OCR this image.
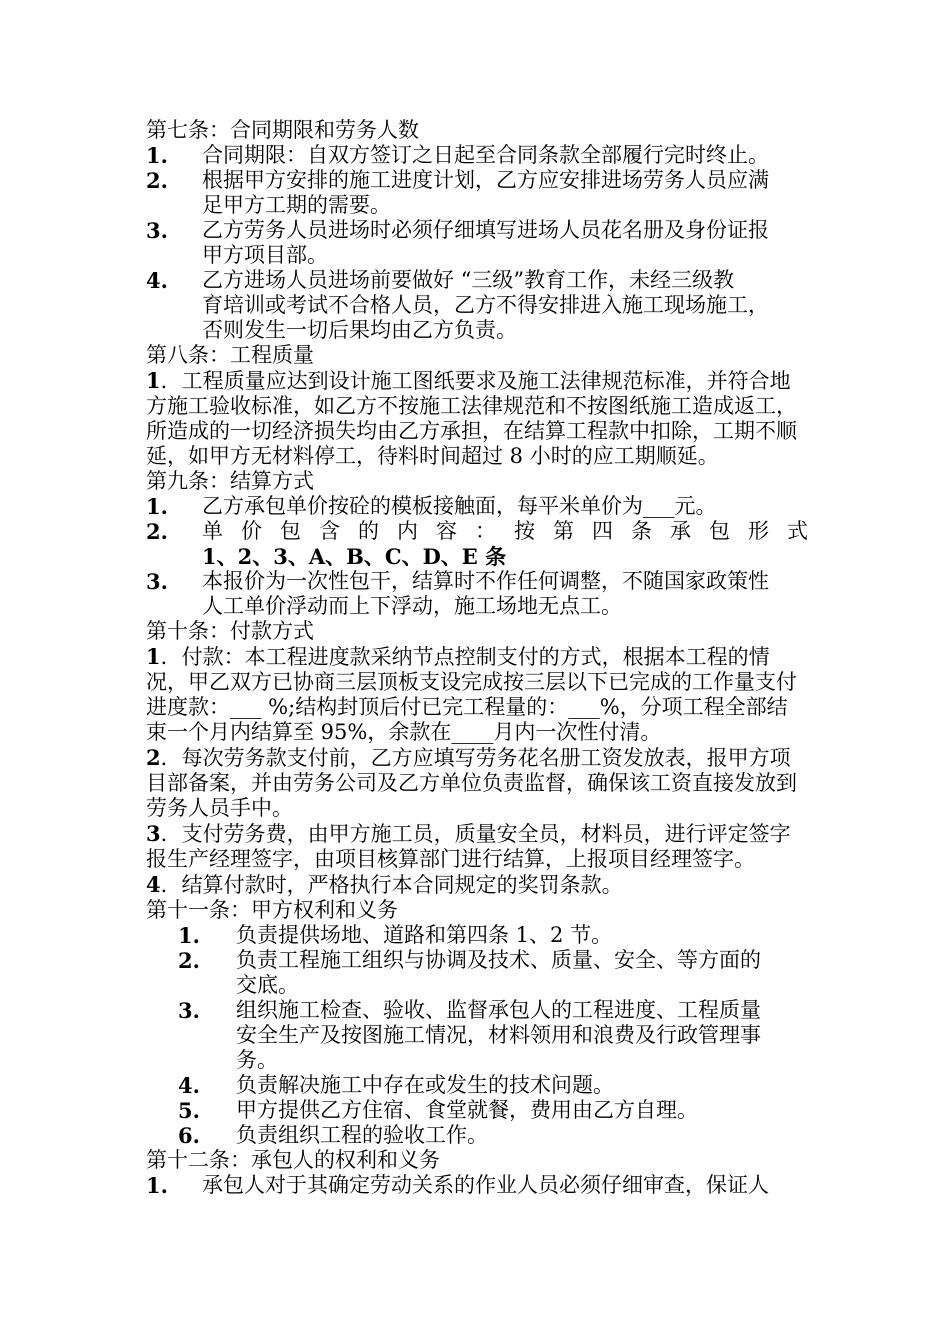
第七条：合同期限和劳务人数
1. 合同期限：自双方签订之日起至合同条款全部履行完时终止。
2. 根据甲方安排的施工进度计划，乙方应安排进场劳务人员应满
足甲方工期的需要。
3. 乙方劳务人员进场时必须仔细填写进场人员花名册及身份证报
甲方项目部。
4. 乙方进场人员进场前要做好 “三级”教育工作，未经三级教
育培训或考试不合格人员，乙方不得安排进入施工现场施工，
否则发生一切后果均由乙方负责。
第八条：工程质量
1．工程质量应达到设计施工图纸要求及施工法律规范标准，并符合地方施工验收标准，如乙方不按施工法律规范和不按图纸施工造成返工，所造成的一切经济损失均由乙方承担，在结算工程款中扣除，工期不顺延，如甲方无材料停工，待料时间超过 8 小时的应工期顺延。
第九条：结算方式
1. 乙方承包单价按砼的模板接触面，每平米单价为___元。
2. 单 价 包 含 的 内 容 ： 按 第 四 条 承 包 形 式
1、2、3、A、B、C、D、E 条
3. 本报价为一次性包干，结算时不作任何调整，不随国家政策性
人工单价浮动而上下浮动，施工场地无点工。
第十条：付款方式
1．付款：本工程进度款采纳节点控制支付的方式，根据本工程的情况，甲乙双方已协商三层顶板支设完成按三层以下已完成的工作量支付进度款：___ %;结构封顶后付已完工程量的：___%，分项工程全部结束一个月内结算至 95%，余款在____月内一次性付清。
2．每次劳务款支付前，乙方应填写劳务花名册工资发放表，报甲方项目部备案，并由劳务公司及乙方单位负责监督，确保该工资直接发放到劳务人员手中。
3．支付劳务费，由甲方施工员，质量安全员，材料员，进行评定签字报生产经理签字，由项目核算部门进行结算，上报项目经理签字。
4．结算付款时，严格执行本合同规定的奖罚条款。
第十一条：甲方权利和义务
1. 负责提供场地、道路和第四条 1、2 节。
2. 负责工程施工组织与协调及技术、质量、安全、等方面的
交底。
3. 组织施工检查、验收、监督承包人的工程进度、工程质量
安全生产及按图施工情况，材料领用和浪费及行政管理事
务。
4. 负责解决施工中存在或发生的技术问题。
5. 甲方提供乙方住宿、食堂就餐，费用由乙方自理。
6. 负责组织工程的验收工作。
第十二条：承包人的权利和义务
1. 承包人对于其确定劳动关系的作业人员必须仔细审查，保证人
